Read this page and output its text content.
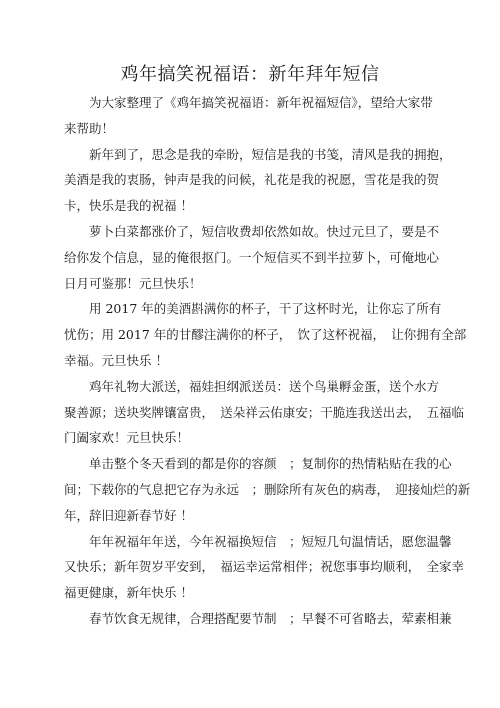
鸡年搞笑祝福语：新年拜年短信

　　为大家整理了《鸡年搞笑祝福语：新年祝福短信》，望给大家带
来帮助！

　　新年到了，思念是我的牵盼，短信是我的书笺，清风是我的拥抱，
美酒是我的衷肠，钟声是我的问候，礼花是我的祝愿，雪花是我的贺
卡，快乐是我的祝福 ！

　　萝卜白菜都涨价了，短信收费却依然如故。快过元旦了，要是不
给你发个信息，显的俺很抠门。一个短信买不到半拉萝卜，可俺地心
日月可鉴那！元旦快乐！

　　用 2017 年的美酒斟满你的杯子，干了这杯时光，让你忘了所有
忧伤；用 2017 年的甘醪注满你的杯子，　饮了这杯祝福，　让你拥有全部
幸福。元旦快乐 ！

　　鸡年礼物大派送，福娃担纲派送员：送个鸟巢孵金蛋，送个水方
聚善源；送块奖牌镶富贵，　送朵祥云佑康安；干脆连我送出去，　五福临
门阖家欢！元旦快乐！

　　单击整个冬天看到的都是你的容颜　；复制你的热情粘贴在我的心
间；下载你的气息把它存为永远　；删除所有灰色的病毒，　迎接灿烂的新
年，辞旧迎新春节好 ！

　　年年祝福年年送，今年祝福换短信　；短短几句温情话，愿您温馨
又快乐；新年贺岁平安到，　福运幸运常相伴；祝您事事均顺利，　全家幸
福更健康，新年快乐 ！

　　春节饮食无规律，合理搭配要节制　；早餐不可省略去，荤素相兼
